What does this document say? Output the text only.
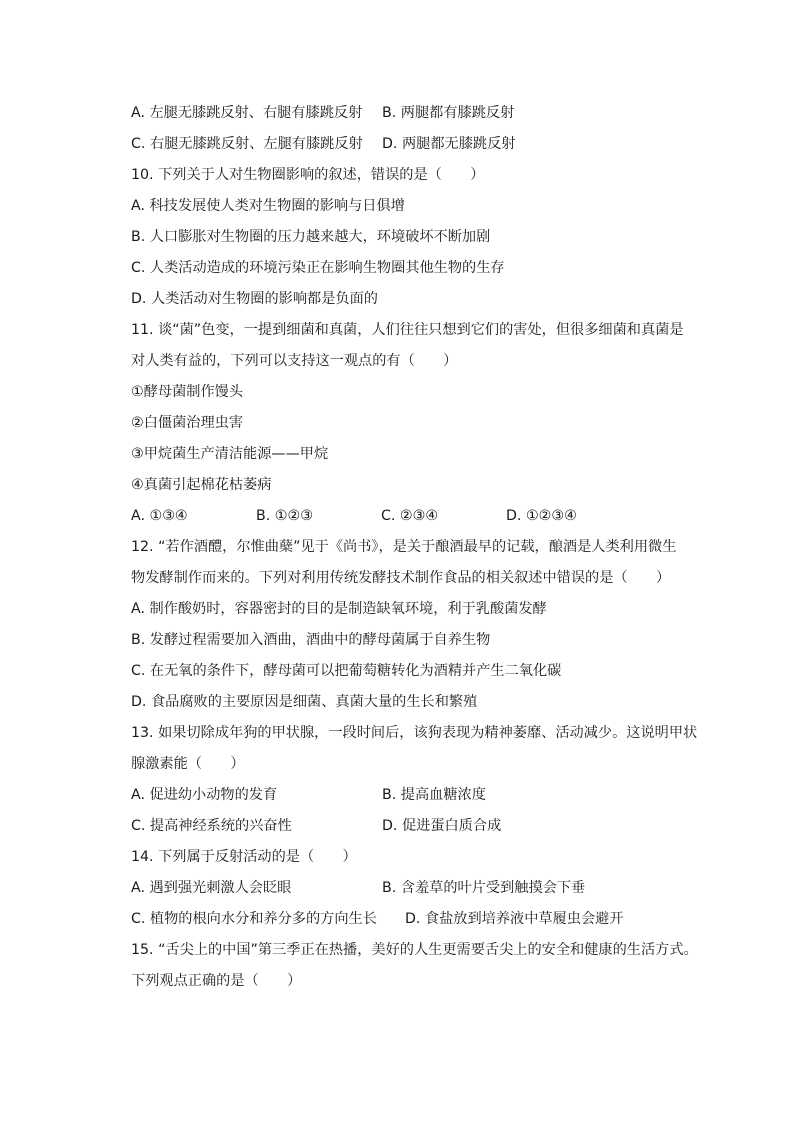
A. 左腿无膝跳反射、右腿有膝跳反射	B. 两腿都有膝跳反射
C. 右腿无膝跳反射、左腿有膝跳反射	D. 两腿都无膝跳反射
10. 下列关于人对生物圈影响的叙述，错误的是（　　）
A. 科技发展使人类对生物圈的影响与日俱增
B. 人口膨胀对生物圈的压力越来越大，环境破坏不断加剧
C. 人类活动造成的环境污染正在影响生物圈其他生物的生存
D. 人类活动对生物圈的影响都是负面的
11. 谈“菌”色变，一提到细菌和真菌，人们往往只想到它们的害处，但很多细菌和真菌是
对人类有益的，下列可以支持这一观点的有（　　）
①酵母菌制作馒头
②白僵菌治理虫害
③甲烷菌生产清洁能源——甲烷
④真菌引起棉花枯萎病
A. ①③④	B. ①②③	C. ②③④	D. ①②③④
12. “若作酒醴，尔惟曲蘖”见于《尚书》，是关于酿酒最早的记载，酿酒是人类利用微生
物发酵制作而来的。下列对利用传统发酵技术制作食品的相关叙述中错误的是（　　）
A. 制作酸奶时，容器密封的目的是制造缺氧环境，利于乳酸菌发酵
B. 发酵过程需要加入酒曲，酒曲中的酵母菌属于自养生物
C. 在无氧的条件下，酵母菌可以把葡萄糖转化为酒精并产生二氧化碳
D. 食品腐败的主要原因是细菌、真菌大量的生长和繁殖
13. 如果切除成年狗的甲状腺，一段时间后，该狗表现为精神萎靡、活动减少。这说明甲状
腺激素能（　　）
A. 促进幼小动物的发育	B. 提高血糖浓度
C. 提高神经系统的兴奋性	D. 促进蛋白质合成
14. 下列属于反射活动的是（　　）
A. 遇到强光刺激人会眨眼	B. 含羞草的叶片受到触摸会下垂
C. 植物的根向水分和养分多的方向生长 D. 食盐放到培养液中草履虫会避开
15. “舌尖上的中国”第三季正在热播，美好的人生更需要舌尖上的安全和健康的生活方式。
下列观点正确的是（　　）
